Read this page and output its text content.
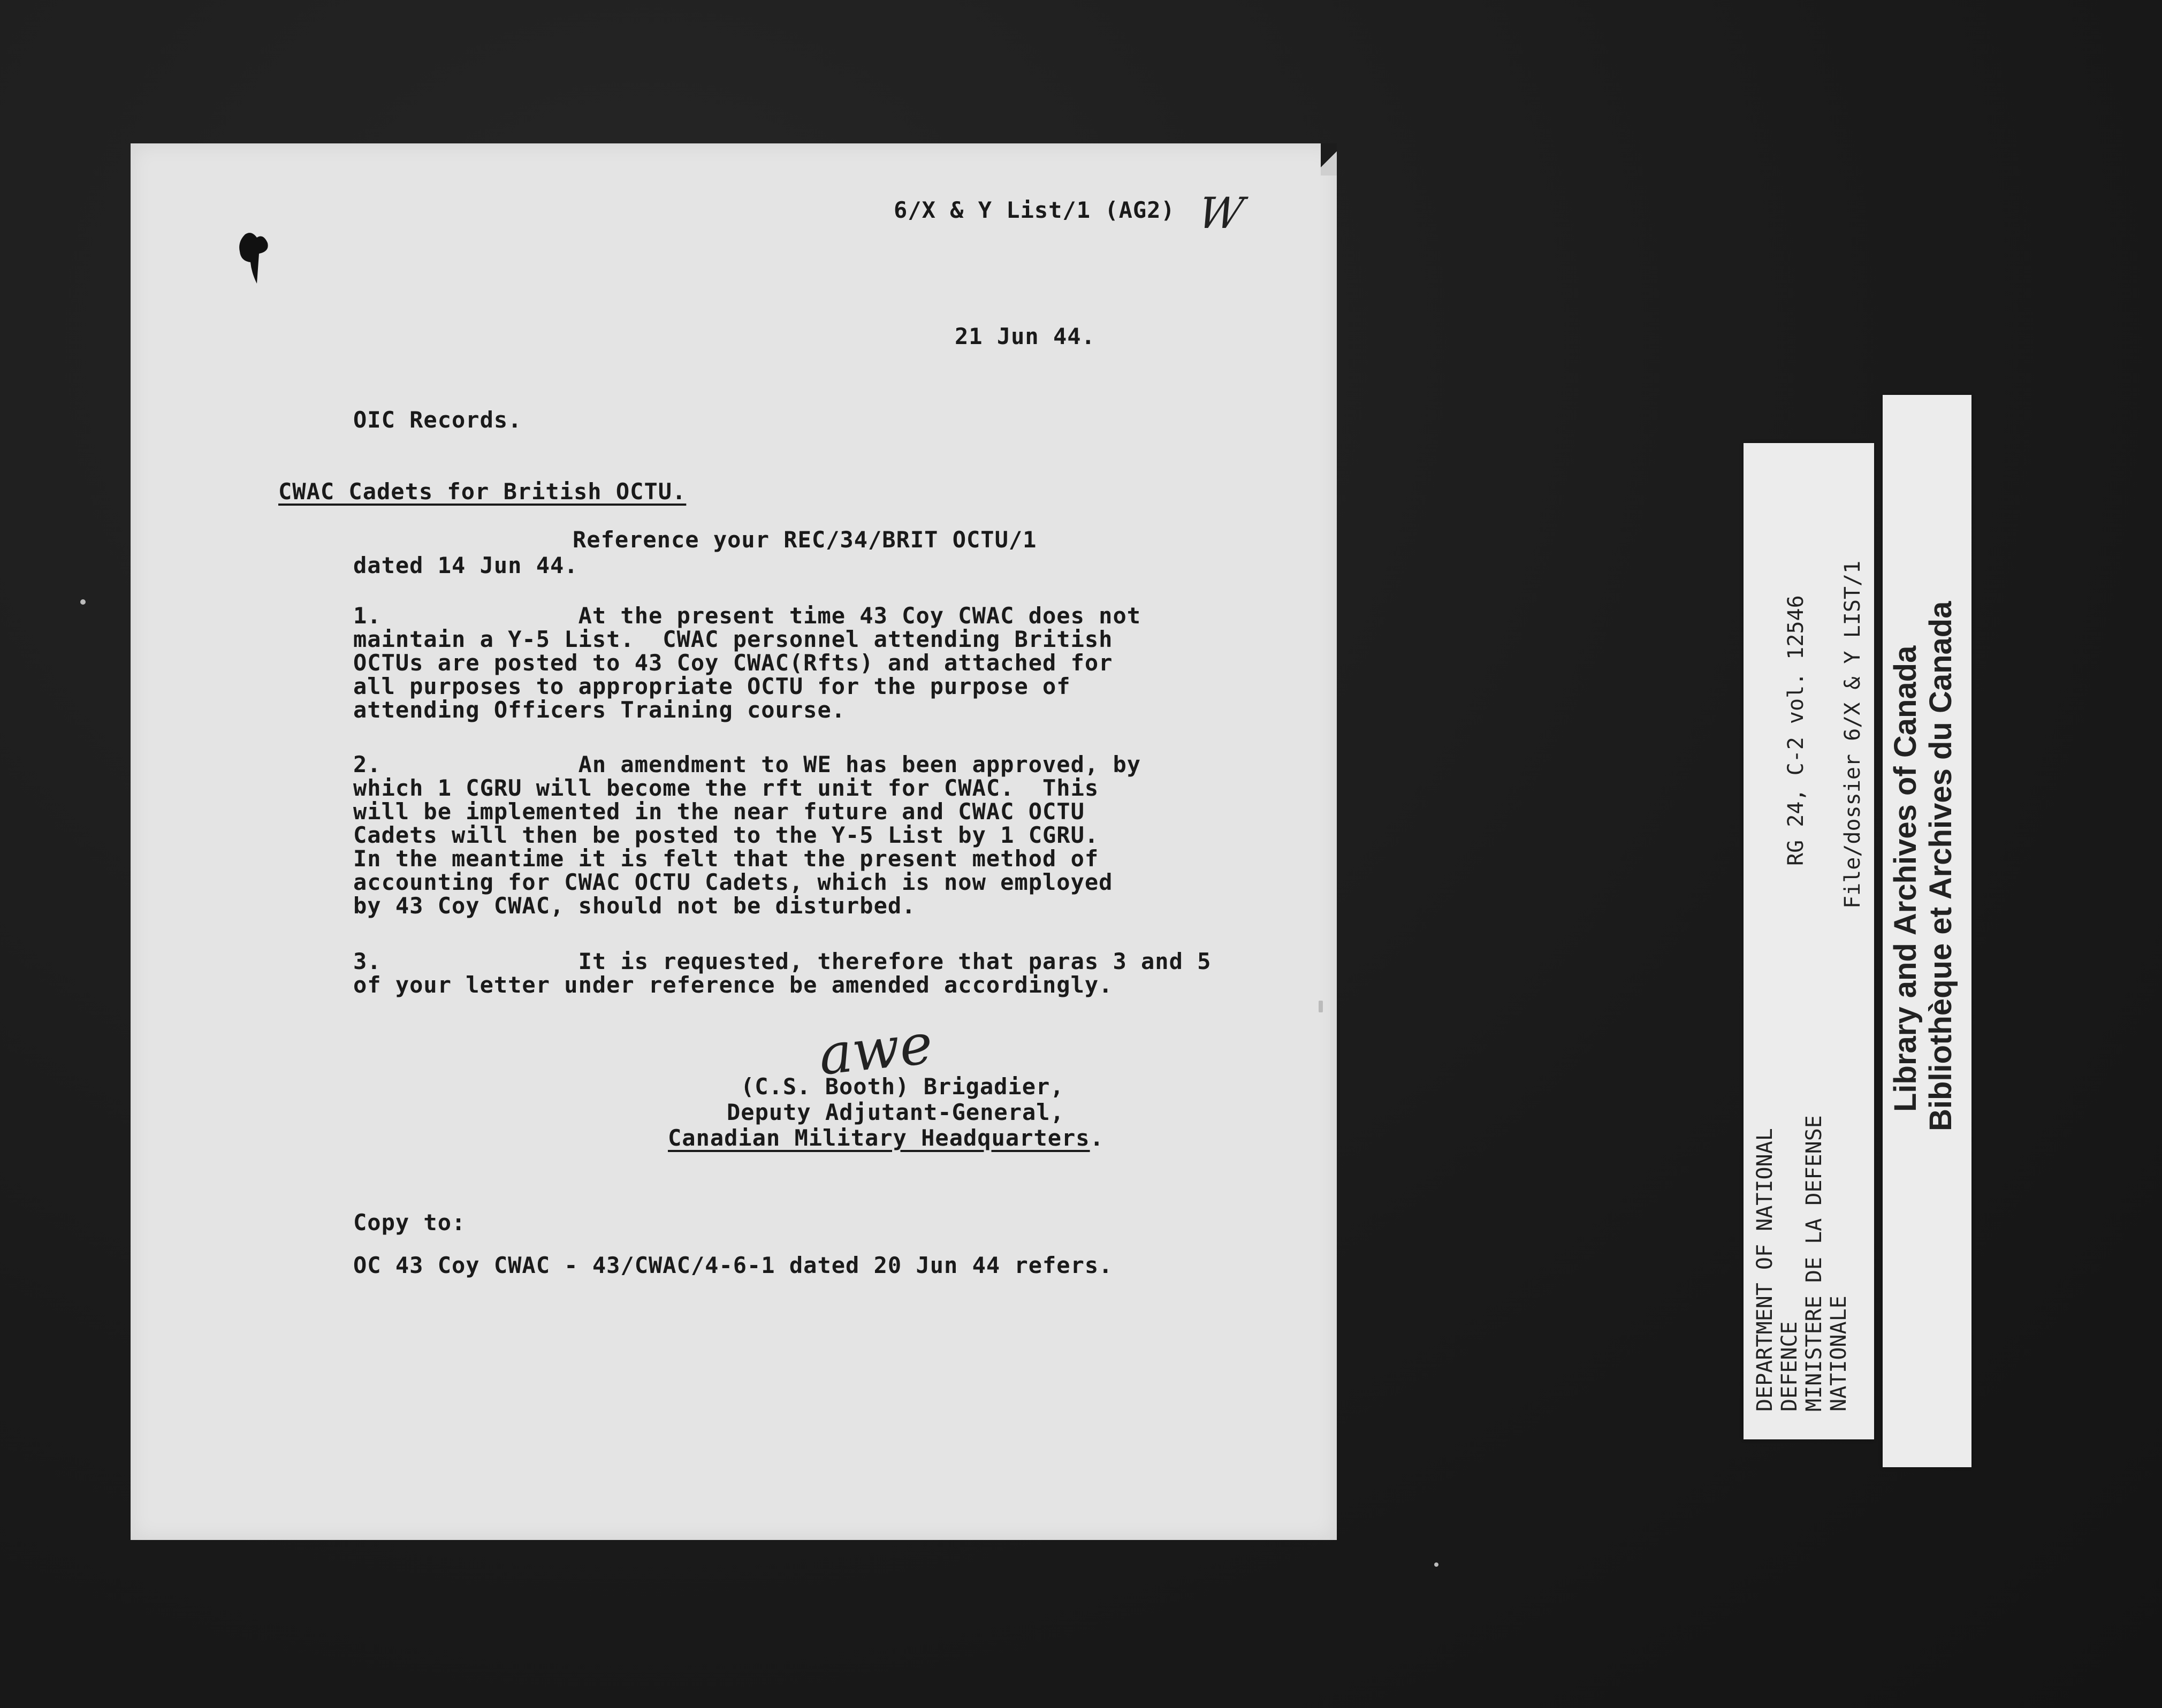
6/X & Y List/1 (AG2) W
21 Jun 44.
OIC Records.
CWAC Cadets for British OCTU.
Reference your REC/34/BRIT OCTU/1
dated 14 Jun 44.
1.              At the present time 43 Coy CWAC does not
maintain a Y-5 List.  CWAC personnel attending British
OCTUs are posted to 43 Coy CWAC(Rfts) and attached for
all purposes to appropriate OCTU for the purpose of
attending Officers Training course.
2.              An amendment to WE has been approved, by
which 1 CGRU will become the rft unit for CWAC.  This
will be implemented in the near future and CWAC OCTU
Cadets will then be posted to the Y-5 List by 1 CGRU.
In the meantime it is felt that the present method of
accounting for CWAC OCTU Cadets, which is now employed
by 43 Coy CWAC, should not be disturbed.
3.              It is requested, therefore that paras 3 and 5
of your letter under reference be amended accordingly.
awe
(C.S. Booth) Brigadier,
Deputy Adjutant-General,
Canadian Military Headquarters.
Copy to:
OC 43 Coy CWAC - 43/CWAC/4-6-1 dated 20 Jun 44 refers.	DEPARTMENT OF NATIONAL DEFENCE MINISTERE DE LA DEFENSE NATIONALE
RG 24, C-2 vol. 12546 File/dossier 6/X & Y LIST/1 Library and Archives of Canada Bibliothèque et Archives du Canada
